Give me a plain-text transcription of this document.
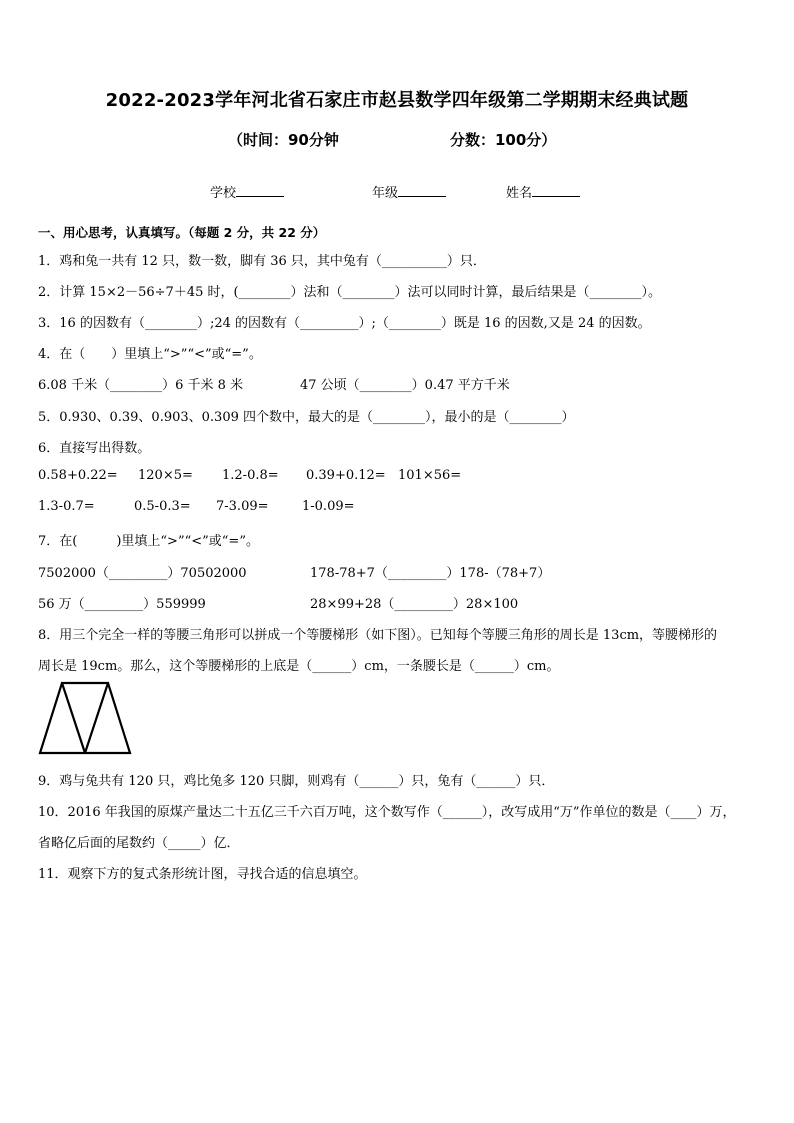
2022-2023学年河北省石家庄市赵县数学四年级第二学期期末经典试题
（时间：90分钟	分数：100分）
学校	年级	姓名
一、用心思考，认真填写。（每题 2 分，共 22 分）
1．鸡和兔一共有 12 只，数一数，脚有 36 只，其中兔有（__________）只．
2．计算 15×2－56÷7＋45 时，(________）法和（________）法可以同时计算，最后结果是（________）。
3．16 的因数有（________）;24 的因数有（_________）;（________）既是 16 的因数,又是 24 的因数。
4．在（　　）里填上“>”“<”或“=”。
6.08 千米（________）6 千米 8 米	47 公顷（________）0.47 平方千米
5．0.930、0.39、0.903、0.309 四个数中，最大的是（________），最小的是（________）
6．直接写出得数。
0.58+0.22= 120×5= 1.2-0.8= 0.39+0.12= 101×56=
1.3-0.7=	0.5-0.3= 7-3.09=	1-0.09=
7．在(　　　)里填上“>”“<”或“=”。
7502000（_________）70502000	178-78+7（_________）178-（78+7）
56 万（_________）559999	28×99+28（_________）28×100
8．用三个完全一样的等腰三角形可以拼成一个等腰梯形（如下图）。已知每个等腰三角形的周长是 13cm，等腰梯形的
周长是 19cm。那么，这个等腰梯形的上底是（______）cm，一条腰长是（______）cm。
9．鸡与兔共有 120 只，鸡比兔多 120 只脚，则鸡有（______）只，兔有（______）只．
10．2016 年我国的原煤产量达二十五亿三千六百万吨，这个数写作（______），改写成用“万”作单位的数是（____）万，
省略亿后面的尾数约（_____）亿．
11．观察下方的复式条形统计图，寻找合适的信息填空。
